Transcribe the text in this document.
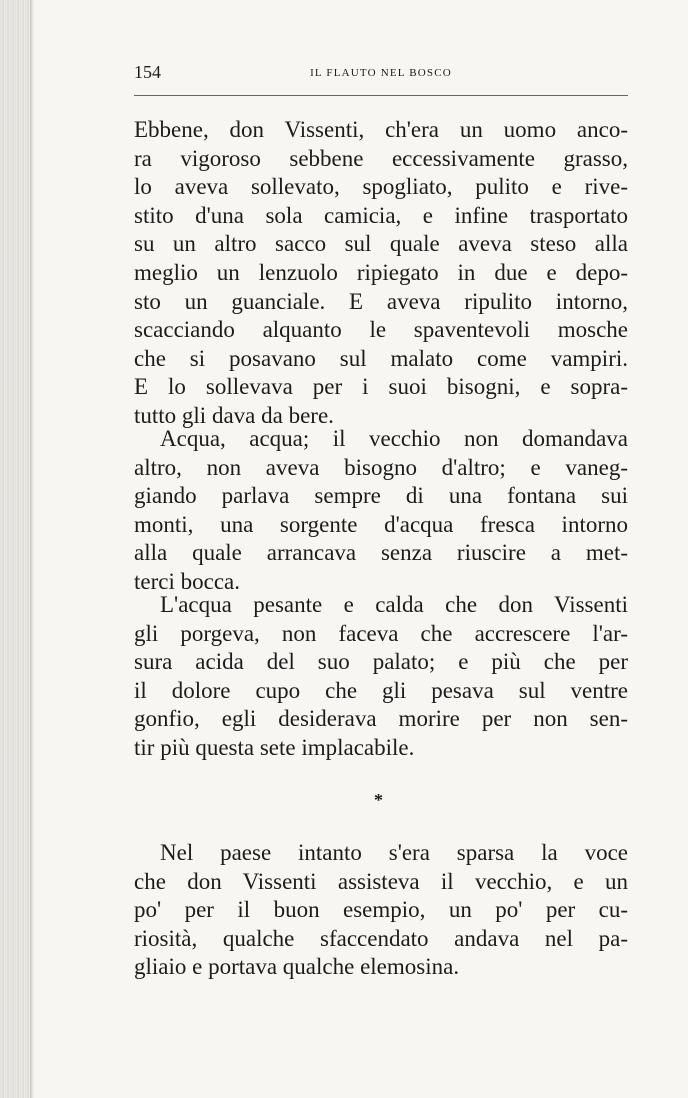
154	IL FLAUTO NEL BOSCO
Ebbene, don Vissenti, ch'era un uomo anco-
ra vigoroso sebbene eccessivamente grasso,
lo aveva sollevato, spogliato, pulito e rive-
stito d'una sola camicia, e infine trasportato
su un altro sacco sul quale aveva steso alla
meglio un lenzuolo ripiegato in due e depo-
sto un guanciale. E aveva ripulito intorno,
scacciando alquanto le spaventevoli mosche
che si posavano sul malato come vampiri.
E lo sollevava per i suoi bisogni, e sopra-
tutto gli dava da bere.
Acqua, acqua; il vecchio non domandava
altro, non aveva bisogno d'altro; e vaneg-
giando parlava sempre di una fontana sui
monti, una sorgente d'acqua fresca intorno
alla quale arrancava senza riuscire a met-
terci bocca.
L'acqua pesante e calda che don Vissenti
gli porgeva, non faceva che accrescere l'ar-
sura acida del suo palato; e più che per
il dolore cupo che gli pesava sul ventre
gonfio, egli desiderava morire per non sen-
tir più questa sete implacabile.
*
Nel paese intanto s'era sparsa la voce
che don Vissenti assisteva il vecchio, e un
po' per il buon esempio, un po' per cu-
riosità, qualche sfaccendato andava nel pa-
gliaio e portava qualche elemosina.
